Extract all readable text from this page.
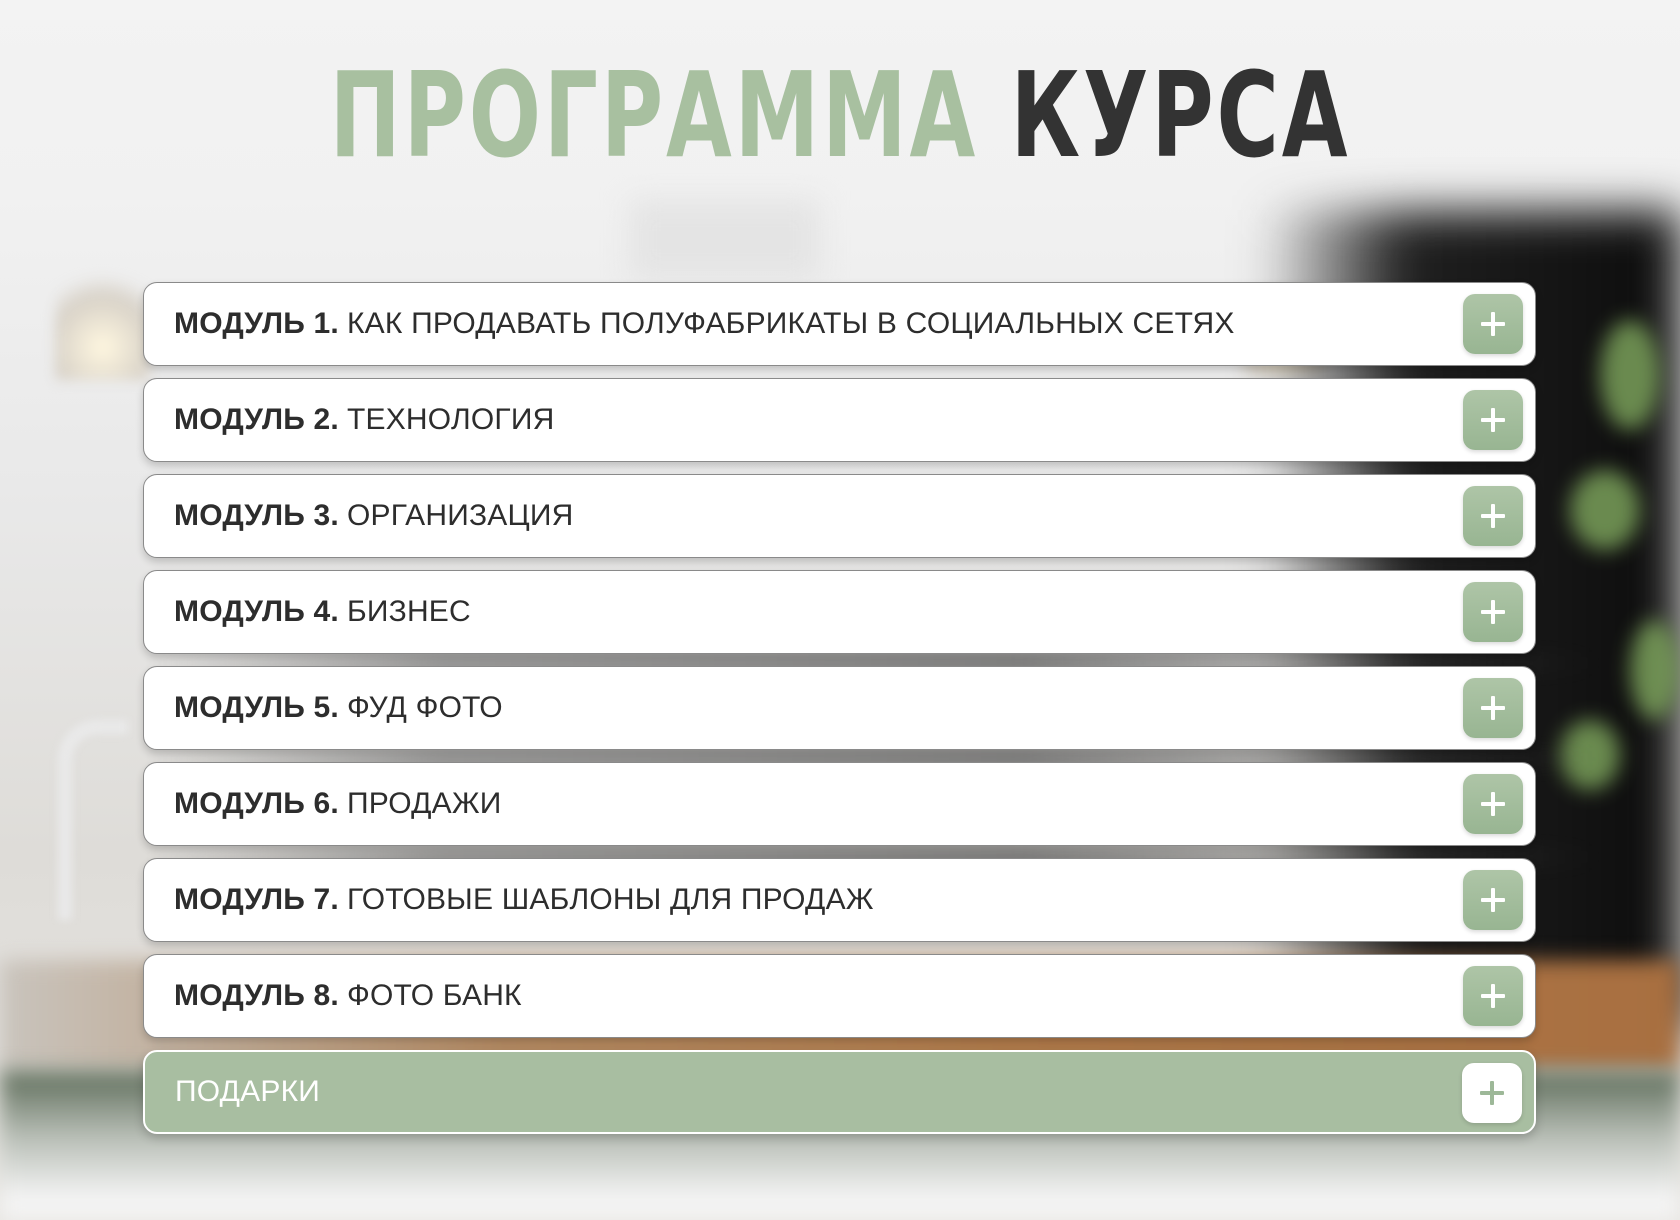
ПРОГРАММА КУРСА
МОДУЛЬ 1. КАК ПРОДАВАТЬ ПОЛУФАБРИКАТЫ В СОЦИАЛЬНЫХ СЕТЯХ
МОДУЛЬ 2. ТЕХНОЛОГИЯ
МОДУЛЬ 3. ОРГАНИЗАЦИЯ
МОДУЛЬ 4. БИЗНЕС
МОДУЛЬ 5. ФУД ФОТО
МОДУЛЬ 6. ПРОДАЖИ
МОДУЛЬ 7. ГОТОВЫЕ ШАБЛОНЫ ДЛЯ ПРОДАЖ
МОДУЛЬ 8. ФОТО БАНК
ПОДАРКИ
